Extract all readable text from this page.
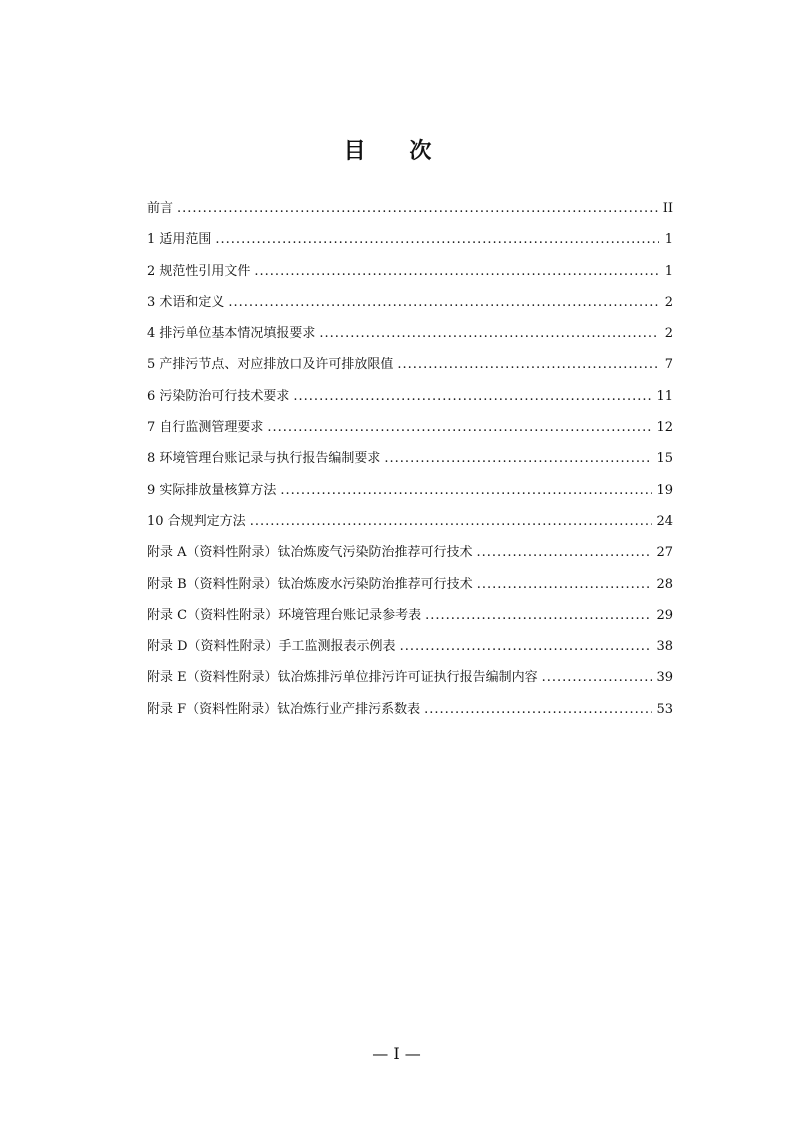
目 次
前言 .....	II
1 适用范围 .....	1
2 规范性引用文件 .....	1
3 术语和定义 .....	2
4 排污单位基本情况填报要求 .....	2
5 产排污节点、对应排放口及许可排放限值 .....	7
6 污染防治可行技术要求 .....	11
7 自行监测管理要求 .....	12
8 环境管理台账记录与执行报告编制要求 .....	15
9 实际排放量核算方法 .....	19
10 合规判定方法 .....	24
附录 A（资料性附录）钛冶炼废气污染防治推荐可行技术 .....	27
附录 B（资料性附录）钛冶炼废水污染防治推荐可行技术 .....	28
附录 C（资料性附录）环境管理台账记录参考表 .....	29
附录 D（资料性附录）手工监测报表示例表 .....	38
附录 E（资料性附录）钛冶炼排污单位排污许可证执行报告编制内容 .....	39
附录 F（资料性附录）钛冶炼行业产排污系数表 .....	53
— I —
